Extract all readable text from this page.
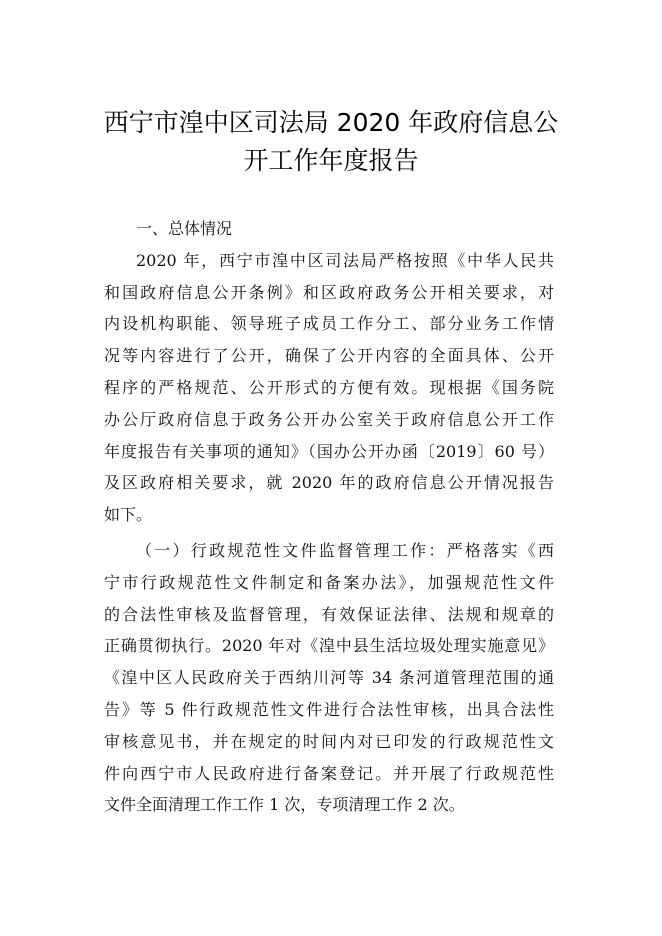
西宁市湟中区司法局 2020 年政府信息公
开工作年度报告

一、总体情况

2020 年，西宁市湟中区司法局严格按照《中华人民共
和国政府信息公开条例》和区政府政务公开相关要求，对
内设机构职能、领导班子成员工作分工、部分业务工作情
况等内容进行了公开，确保了公开内容的全面具体、公开
程序的严格规范、公开形式的方便有效。现根据《国务院
办公厅政府信息于政务公开办公室关于政府信息公开工作
年度报告有关事项的通知》（国办公开办函〔2019〕60 号）
及区政府相关要求，就 2020 年的政府信息公开情况报告
如下。

（一）行政规范性文件监督管理工作：严格落实《西
宁市行政规范性文件制定和备案办法》，加强规范性文件
的合法性审核及监督管理，有效保证法律、法规和规章的
正确贯彻执行。2020 年对《湟中县生活垃圾处理实施意见》
《湟中区人民政府关于西纳川河等 34 条河道管理范围的通
告》等 5 件行政规范性文件进行合法性审核，出具合法性
审核意见书，并在规定的时间内对已印发的行政规范性文
件向西宁市人民政府进行备案登记。并开展了行政规范性
文件全面清理工作工作 1 次，专项清理工作 2 次。
